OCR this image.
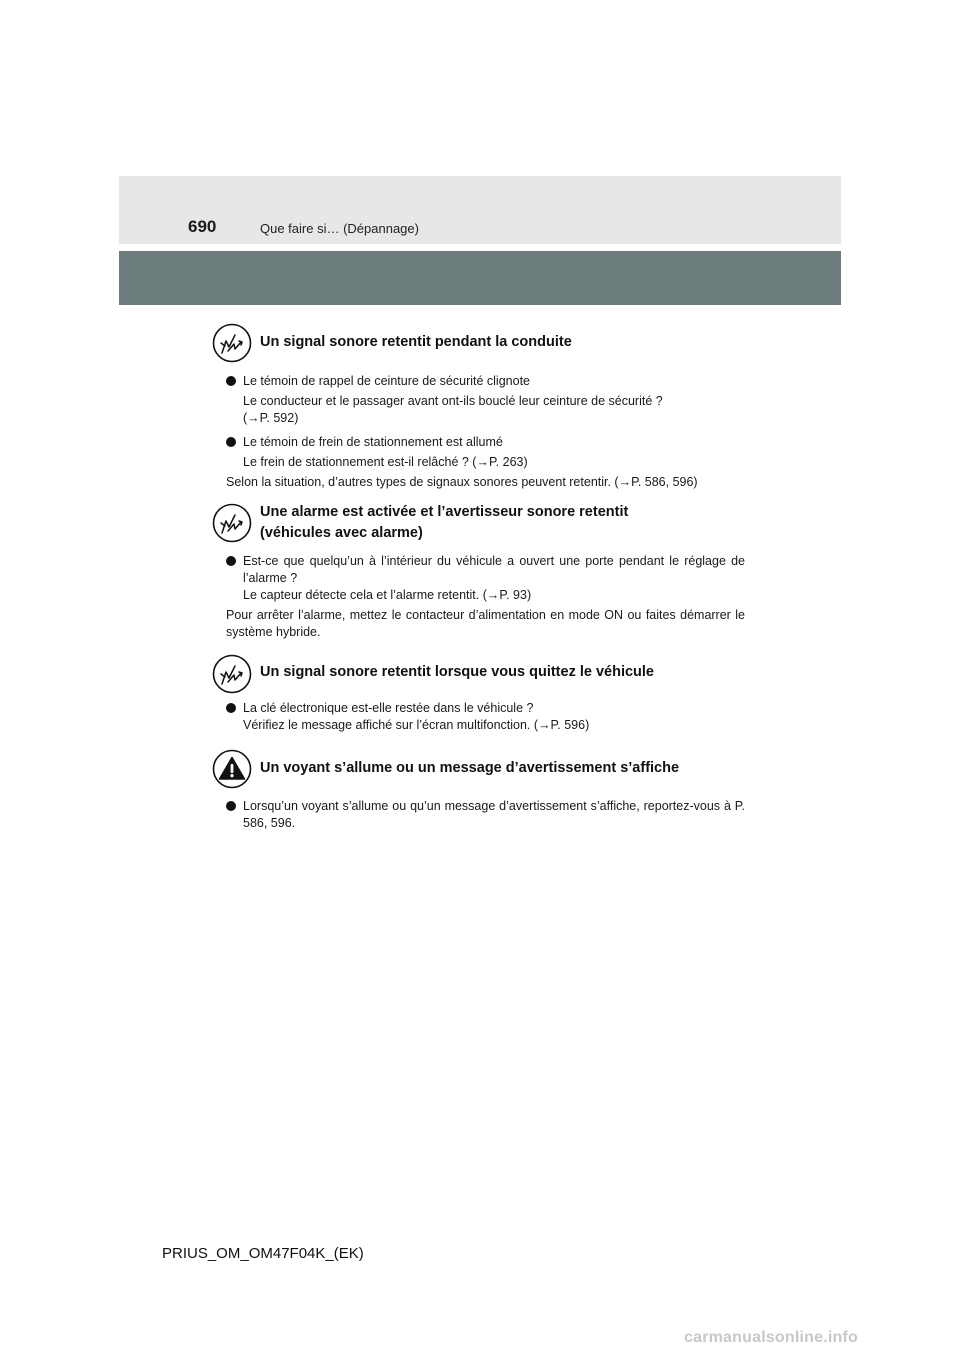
690	Que faire si… (Dépannage)
Un signal sonore retentit pendant la conduite
Le témoin de rappel de ceinture de sécurité clignote
Le conducteur et le passager avant ont-ils bouclé leur ceinture de sécurité ?
(→P. 592)
Le témoin de frein de stationnement est allumé
Le frein de stationnement est-il relâché ? (→P. 263)
Selon la situation, d’autres types de signaux sonores peuvent retentir. (→P. 586, 596)
Une alarme est activée et l’avertisseur sonore retentit
(véhicules avec alarme)
Est-ce que quelqu’un à l’intérieur du véhicule a ouvert une porte pendant le réglage de l’alarme ?
Le capteur détecte cela et l’alarme retentit. (→P. 93)
Pour arrêter l’alarme, mettez le contacteur d’alimentation en mode ON ou faites démarrer le système hybride.
Un signal sonore retentit lorsque vous quittez le véhicule
La clé électronique est-elle restée dans le véhicule ?
Vérifiez le message affiché sur l’écran multifonction. (→P. 596)
Un voyant s’allume ou un message d’avertissement s’affiche
Lorsqu’un voyant s’allume ou qu’un message d’avertissement s’affiche, reportez-vous à P. 586, 596.
PRIUS_OM_OM47F04K_(EK)
carmanualsonline.info
